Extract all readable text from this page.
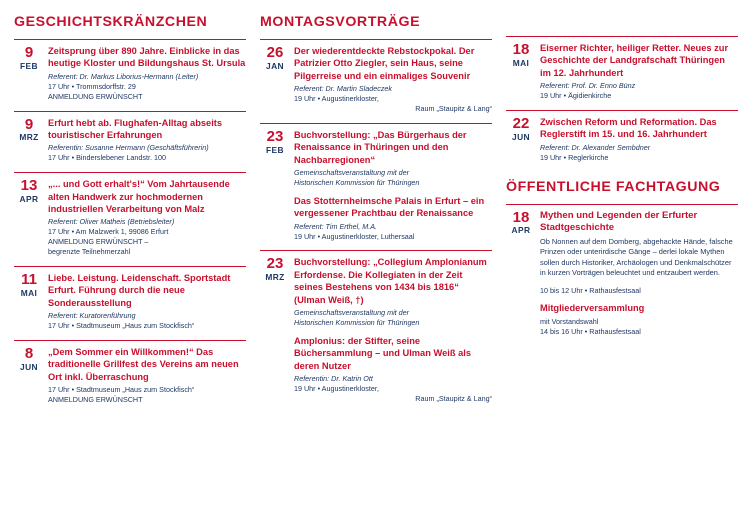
GESCHICHTSKRÄNZCHEN
9
FEB

Zeitsprung über 890 Jahre. Einblicke in das heutige Kloster und Bildungshaus St. Ursula

Referent: Dr. Markus Liborius-Hermann (Leiter)

17 Uhr • Trommsdorffstr. 29

ANMELDUNG ERWÜNSCHT

9
MRZ

Erfurt hebt ab. Flughafen-Alltag abseits touristischer Erfahrungen

Referentin: Susanne Hermann (Geschäftsführerin)

17 Uhr • Binderslebener Landstr. 100

13
APR

„... und Gott erhalt's!“ Vom Jahrtausende alten Handwerk zur hochmodernen industriellen Verarbeitung von Malz

Referent: Oliver Matheis (Betriebsleiter)

17 Uhr • Am Malzwerk 1, 99086 Erfurt

ANMELDUNG ERWÜNSCHT –

begrenzte Teilnehmerzahl

11
MAI

Liebe. Leistung. Leidenschaft. Sportstadt Erfurt. Führung durch die neue Sonderausstellung

Referent: Kuratorenführung

17 Uhr • Stadtmuseum „Haus zum Stockfisch“

8
JUN

„Dem Sommer ein Willkommen!“ Das traditionelle Grillfest des Vereins am neuen Ort inkl. Überraschung

17 Uhr • Stadtmuseum „Haus zum Stockfisch“

ANMELDUNG ERWÜNSCHT

MONTAGSVORTRÄGE
26
JAN

Der wiederentdeckte Rebstockpokal. Der Patrizier Otto Ziegler, sein Haus, seine Pilgerreise und ein einmaliges Souvenir

Referent: Dr. Martin Sladeczek

19 Uhr • Augustinerkloster,

Raum „Staupitz & Lang“

23
FEB

Buchvorstellung: „Das Bürgerhaus der Renaissance in Thüringen und den Nachbarregionen“

Gemeinschaftsveranstaltung mit der

Historischen Kommission für Thüringen

Das Stotternheimsche Palais in Erfurt – ein vergessener Prachtbau der Renaissance

Referent: Tim Erthel, M.A.

19 Uhr • Augustinerkloster, Luthersaal

23
MRZ

Buchvorstellung: „Collegium Amplonianum Erfordense. Die Kollegiaten in der Zeit seines Bestehens von 1434 bis 1816“ (Ulman Weiß, †)

Gemeinschaftsveranstaltung mit der

Historischen Kommission für Thüringen

Amplonius: der Stifter, seine Büchersammlung – und Ulman Weiß als deren Nutzer

Referentin: Dr. Katrin Ott

19 Uhr • Augustinerkloster,

Raum „Staupitz & Lang“

18
MAI

Eiserner Richter, heiliger Retter. Neues zur Geschichte der Landgrafschaft Thüringen im 12. Jahrhundert

Referent: Prof. Dr. Enno Bünz

19 Uhr • Ägidienkirche

22
JUN

Zwischen Reform und Reformation. Das Reglerstift im 15. und 16. Jahrhundert

Referent: Dr. Alexander Sembdner

19 Uhr • Reglerkirche

ÖFFENTLICHE FACHTAGUNG
18
APR

Mythen und Legenden der Erfurter Stadtgeschichte

Ob Nonnen auf dem Domberg, abgehackte Hände, falsche Prinzen oder unterirdische Gänge – derlei lokale Mythen sollen durch Historiker, Archäologen und Denkmalschützer in kurzen Vorträgen beleuchtet und entzaubert werden.

10 bis 12 Uhr • Rathausfestsaal

Mitgliederversammlung

mit Vorstandswahl

14 bis 16 Uhr • Rathausfestsaal
